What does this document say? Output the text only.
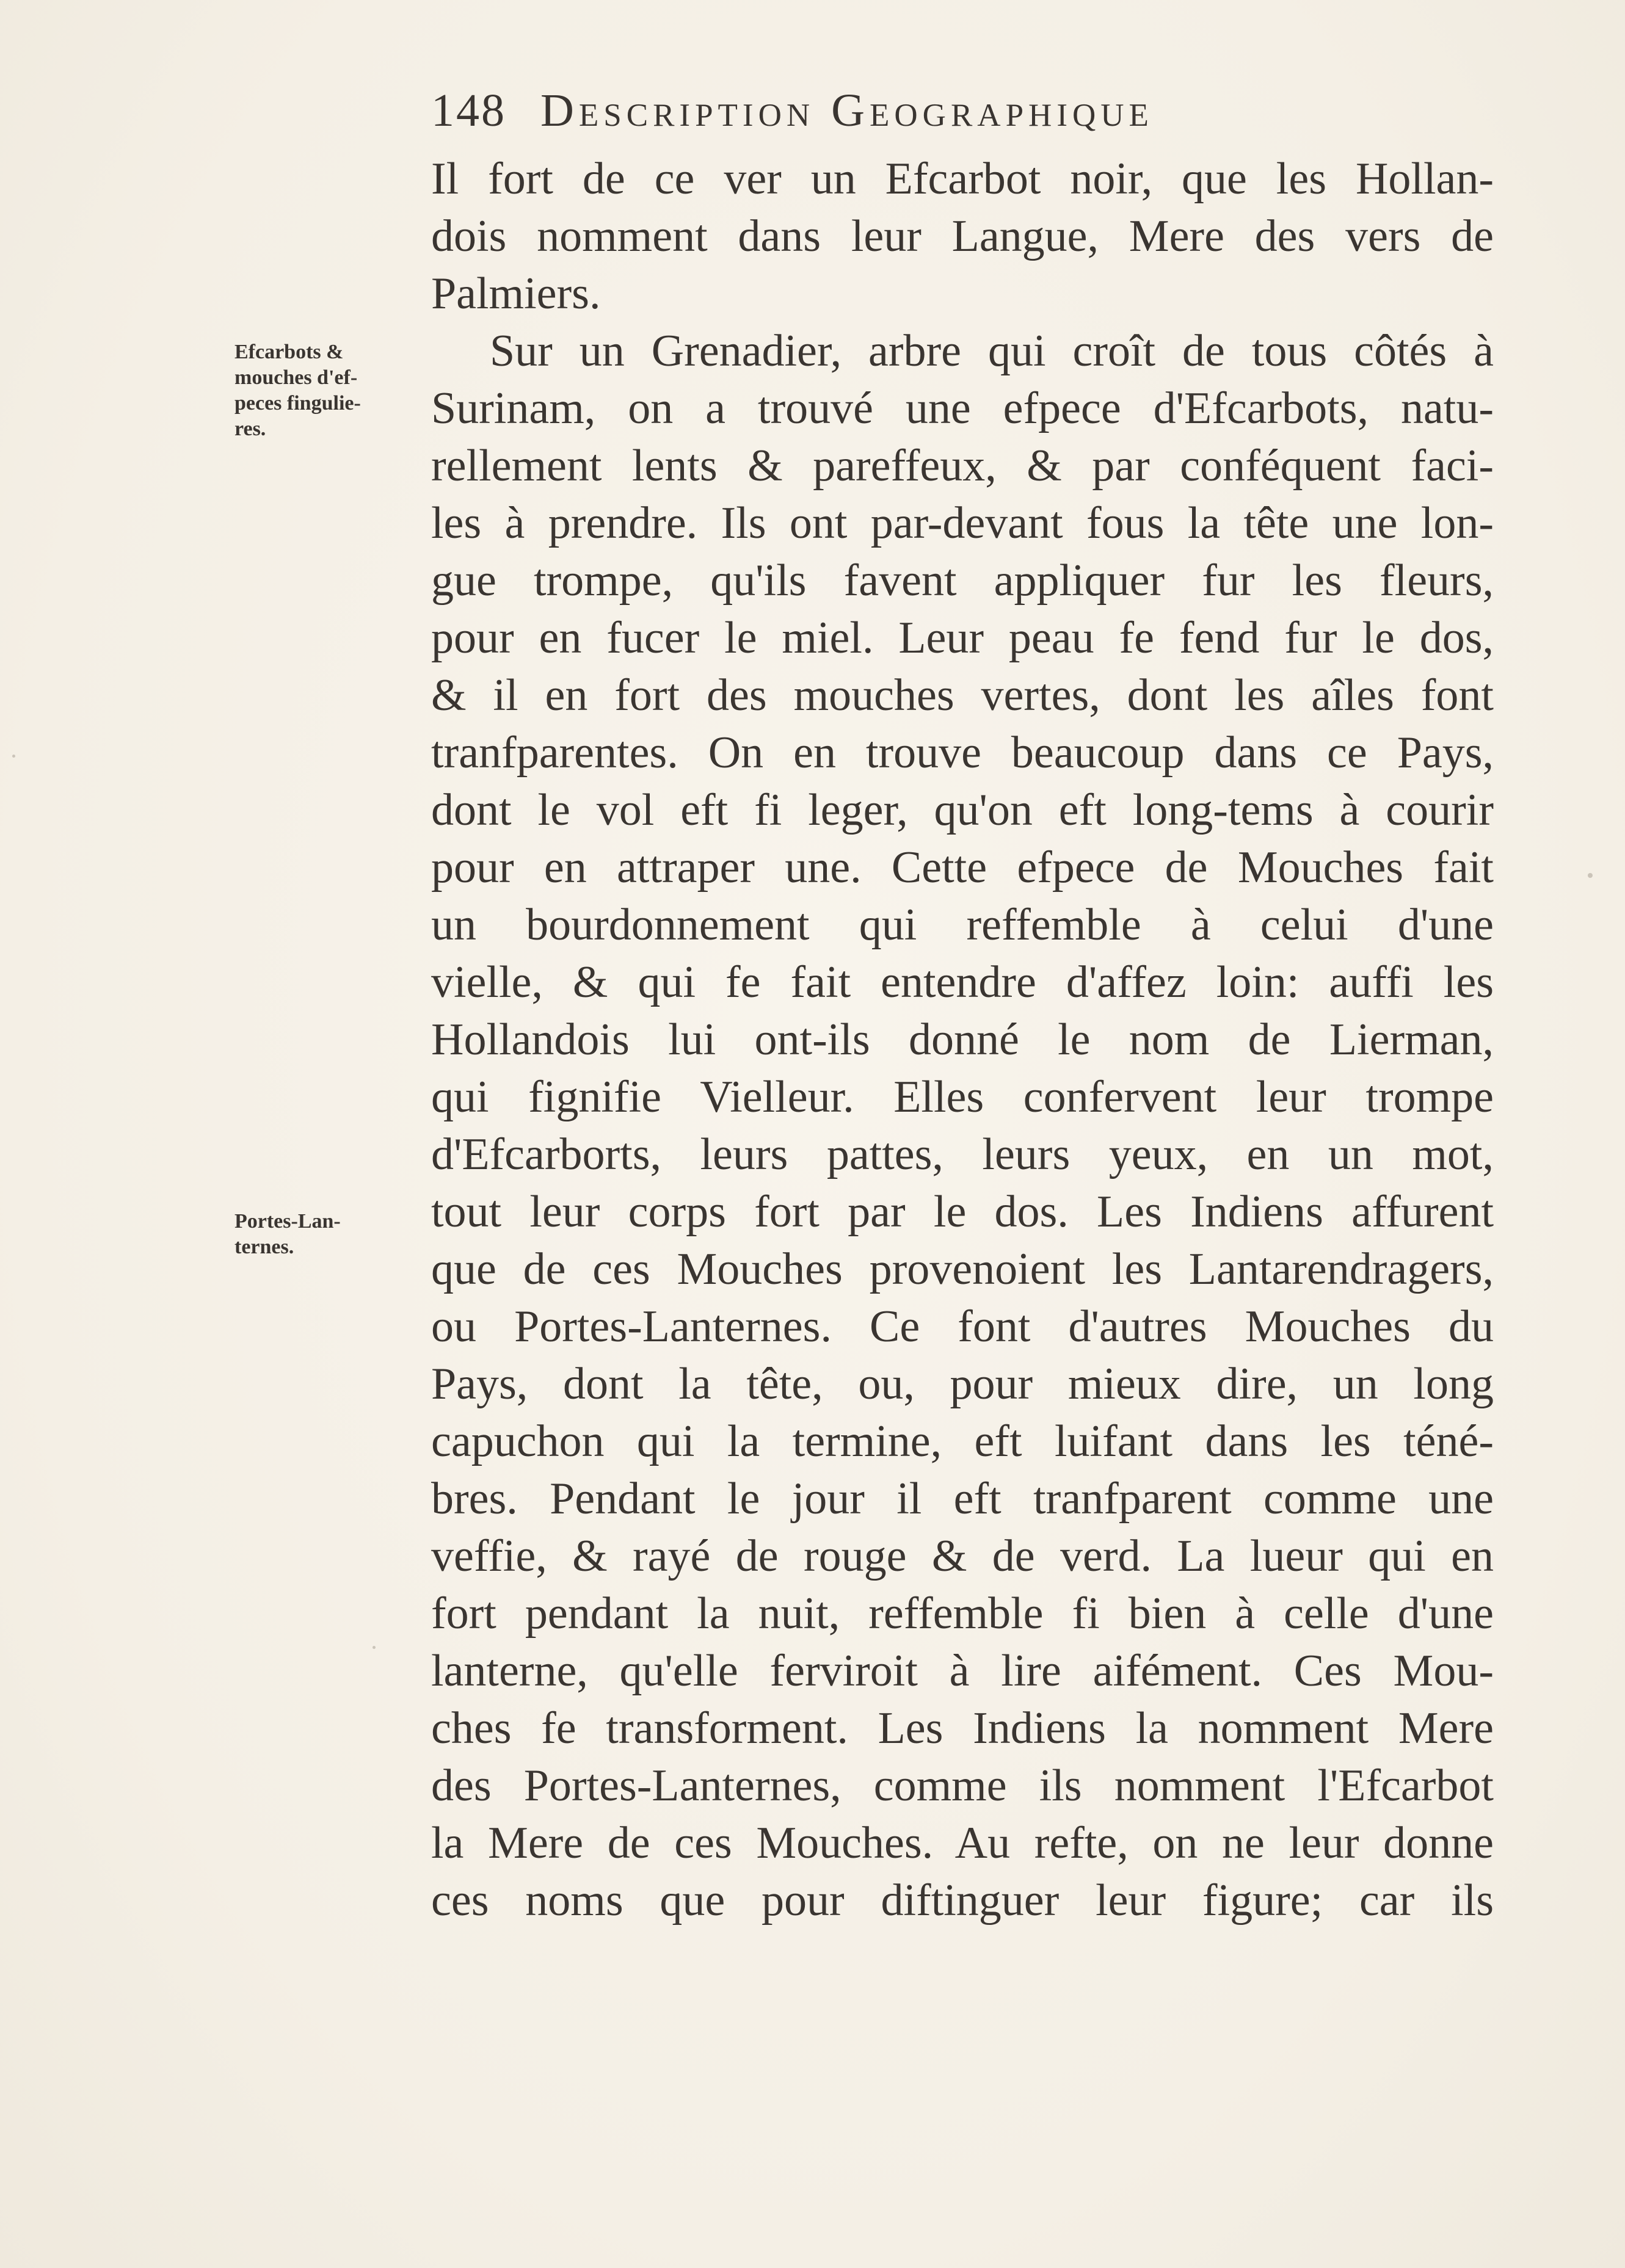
148 Description Geographique
Efcarbots &
mouches d'ef-
peces fingulie-
res.
Portes-Lan-
ternes.
Il fort de ce ver un Efcarbot noir, que les Hollan-
dois nomment dans leur Langue, Mere des vers de
Palmiers.
Sur un Grenadier, arbre qui croît de tous côtés à
Surinam, on a trouvé une efpece d'Efcarbots, natu-
rellement lents & pareffeux, & par conféquent faci-
les à prendre. Ils ont par-devant fous la tête une lon-
gue trompe, qu'ils favent appliquer fur les fleurs,
pour en fucer le miel. Leur peau fe fend fur le dos,
& il en fort des mouches vertes, dont les aîles font
tranfparentes. On en trouve beaucoup dans ce Pays,
dont le vol eft fi leger, qu'on eft long-tems à courir
pour en attraper une. Cette efpece de Mouches fait
un bourdonnement qui reffemble à celui d'une
vielle, & qui fe fait entendre d'affez loin: auffi les
Hollandois lui ont-ils donné le nom de Lierman,
qui fignifie Vielleur. Elles confervent leur trompe
d'Efcarborts, leurs pattes, leurs yeux, en un mot,
tout leur corps fort par le dos. Les Indiens affurent
que de ces Mouches provenoient les Lantarendragers,
ou Portes-Lanternes. Ce font d'autres Mouches du
Pays, dont la tête, ou, pour mieux dire, un long
capuchon qui la termine, eft luifant dans les téné-
bres. Pendant le jour il eft tranfparent comme une
veffie, & rayé de rouge & de verd. La lueur qui en
fort pendant la nuit, reffemble fi bien à celle d'une
lanterne, qu'elle ferviroit à lire aifément. Ces Mou-
ches fe transforment. Les Indiens la nomment Mere
des Portes-Lanternes, comme ils nomment l'Efcarbot
la Mere de ces Mouches. Au refte, on ne leur donne
ces noms que pour diftinguer leur figure; car ils
